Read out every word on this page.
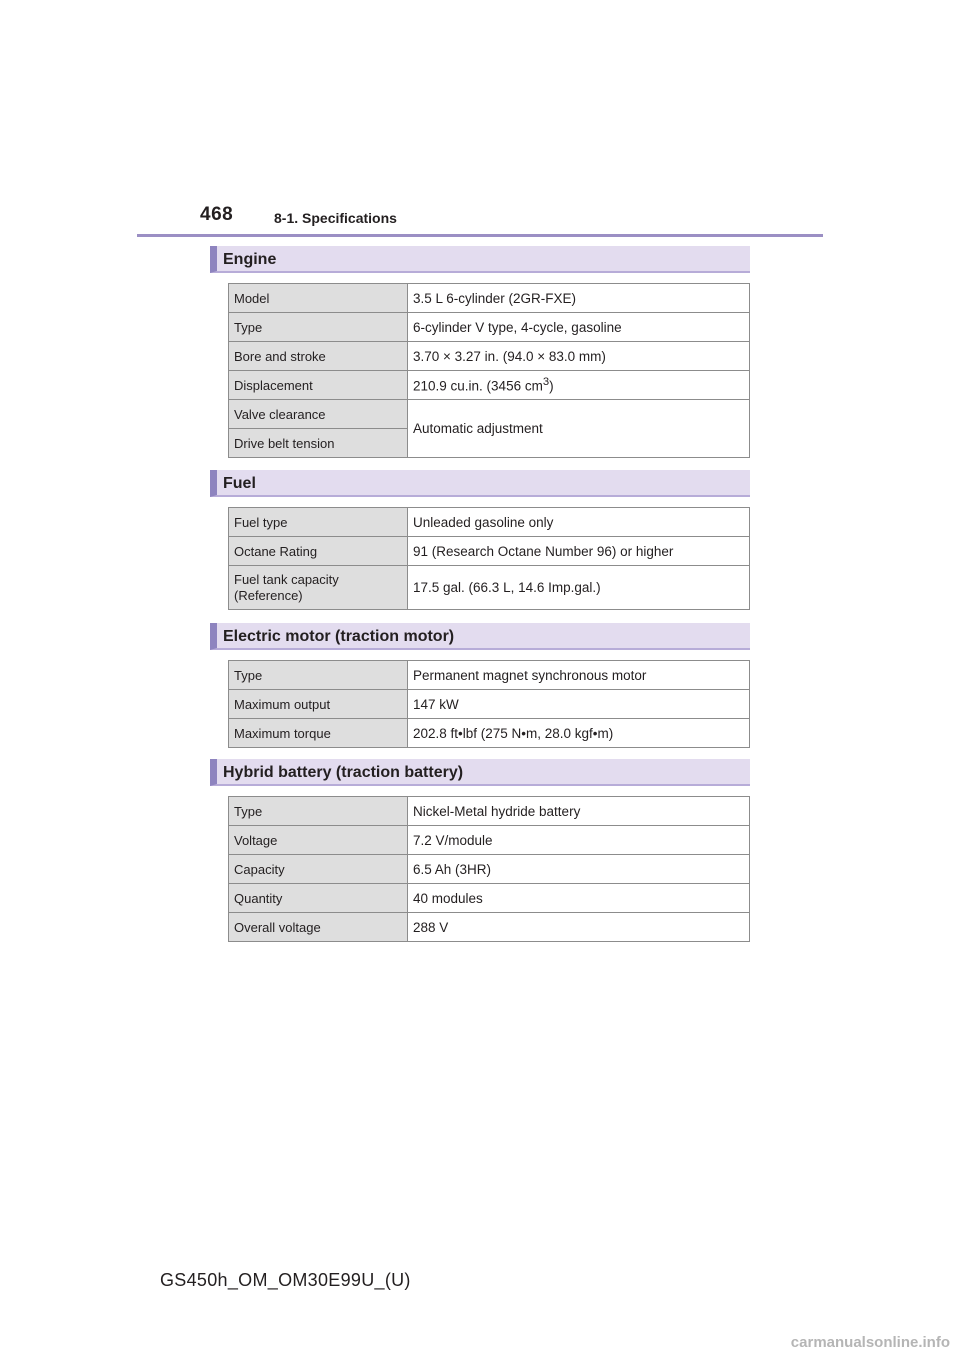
468	8-1. Specifications
Engine
Model	3.5 L 6-cylinder (2GR-FXE)
Type	6-cylinder V type, 4-cycle, gasoline
Bore and stroke	3.70 × 3.27 in. (94.0 × 83.0 mm)
Displacement	210.9 cu.in. (3456 $cm^3$)
Valve clearance	Automatic adjustment
Drive belt tension	
Fuel
Fuel type	Unleaded gasoline only
Octane Rating	91 (Research Octane Number 96) or higher
Fuel tank capacity
(Reference)	17.5 gal. (66.3 L, 14.6 Imp.gal.)
Electric motor (traction motor)
Type	Permanent magnet synchronous motor
Maximum output	147 kW
Maximum torque	202.8 ft•lbf (275 N•m, 28.0 kgf•m)
Hybrid battery (traction battery)
Type	Nickel-Metal hydride battery
Voltage	7.2 V/module
Capacity	6.5 Ah (3HR)
Quantity	40 modules
Overall voltage	288 V
GS450h_OM_OM30E99U_(U)
carmanualsonline.info
